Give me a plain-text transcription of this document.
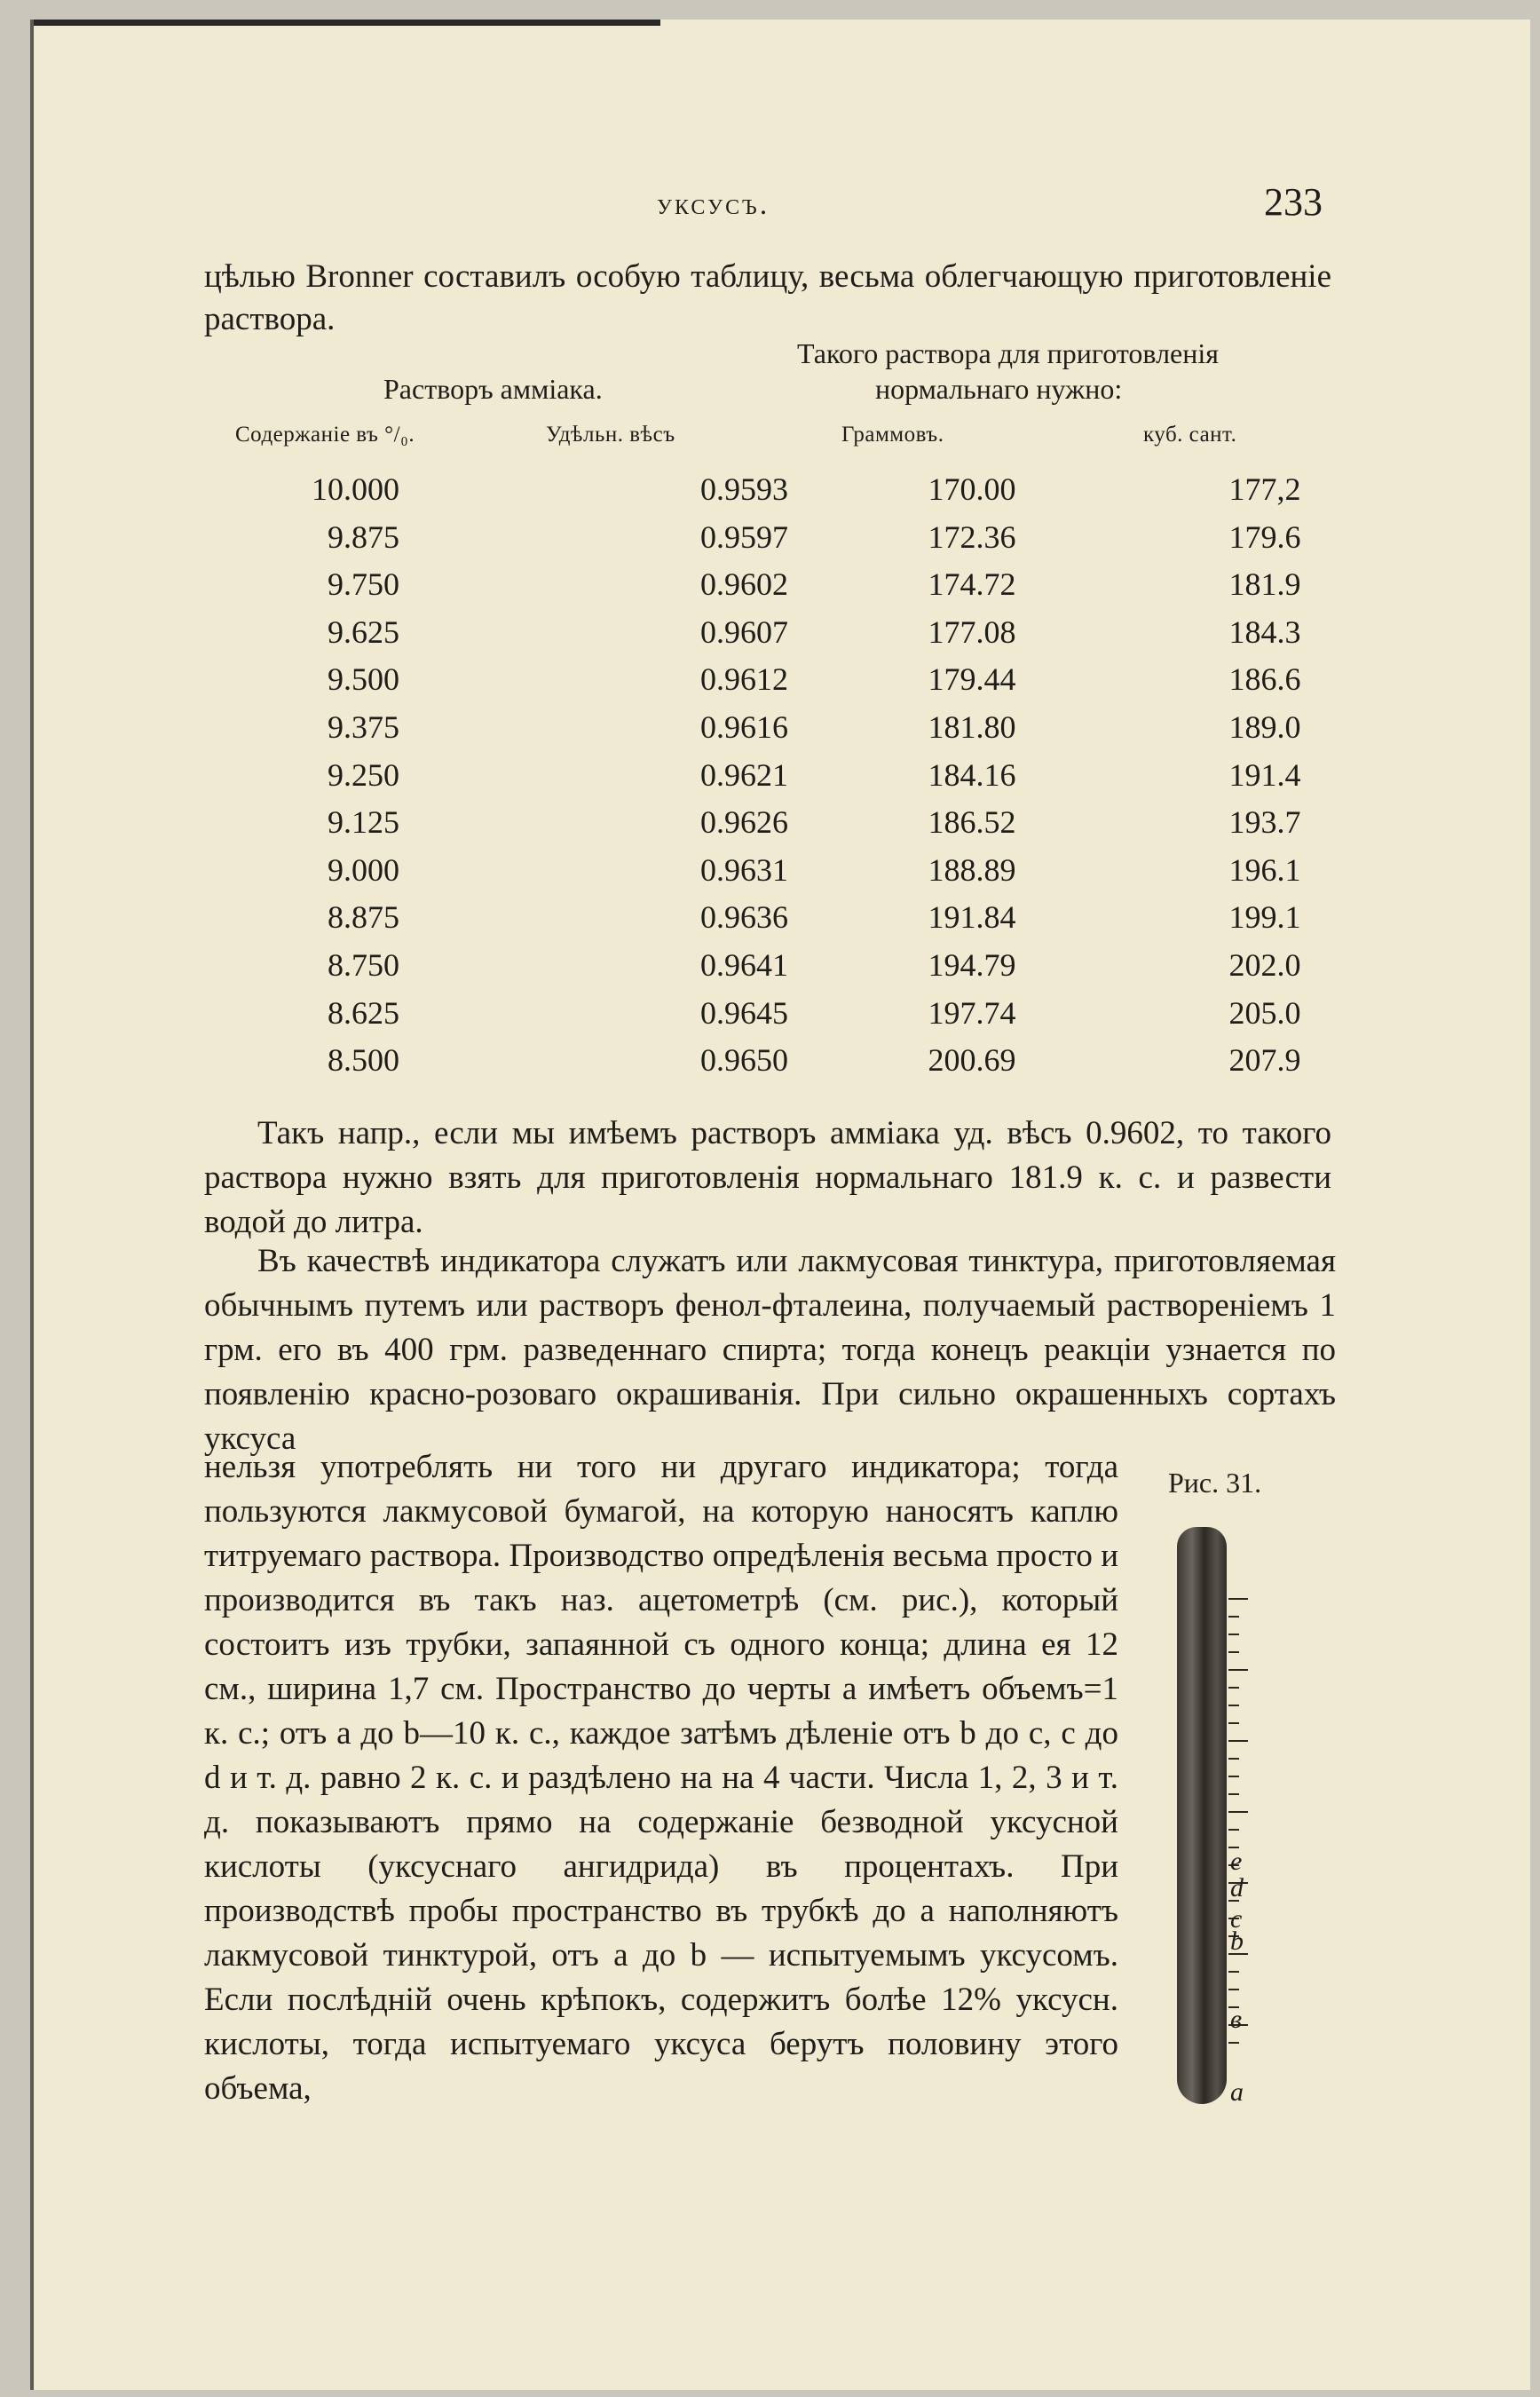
уксусъ.	233
цѣлью Bronner составилъ особую таблицу, весьма облегчающую приготовленіе раствора.
Растворъ амміака.
Такого раствора для приготовленія
нормальнаго нужно:
Содержаніе въ °/₀.	Удѣльн. вѣсъ	Граммовъ.	куб. сант.
10.000	0.9593	170.00	177,2
9.875	0.9597	172.36	179.6
9.750	0.9602	174.72	181.9
9.625	0.9607	177.08	184.3
9.500	0.9612	179.44	186.6
9.375	0.9616	181.80	189.0
9.250	0.9621	184.16	191.4
9.125	0.9626	186.52	193.7
9.000	0.9631	188.89	196.1
8.875	0.9636	191.84	199.1
8.750	0.9641	194.79	202.0
8.625	0.9645	197.74	205.0
8.500	0.9650	200.69	207.9
Такъ напр., если мы имѣемъ растворъ амміака уд. вѣсъ 0.9602, то такого раствора нужно взять для приготовленія нормальнаго 181.9 к. с. и развести водой до литра.
Въ качествѣ индикатора служатъ или лакмусовая тинктура, приготовляемая обычнымъ путемъ или растворъ фенол-фталеина, получаемый раствореніемъ 1 грм. его въ 400 грм. разведеннаго спирта; тогда конецъ реакціи узнается по появленію красно-розоваго окрашиванія. При сильно окрашенныхъ сортахъ уксуса
нельзя употреблять ни того ни другаго индикатора; тогда пользуются лакмусовой бумагой, на которую наносятъ каплю титруемаго раствора. Производство опредѣленія весьма просто и производится въ такъ наз. ацетометрѣ (см. рис.), который состоитъ изъ трубки, запаянной съ одного конца; длина ея 12 см., ширина 1,7 см. Пространство до черты a имѣетъ объемъ=1 к. с.; отъ a до b—10 к. с., каждое затѣмъ дѣленіе отъ b до c, c до d и т. д. равно 2 к. с. и раздѣлено на на 4 части. Числа 1, 2, 3 и т. д. показываютъ прямо на содержаніе безводной уксусной кислоты (уксуснаго ангидрида) въ процентахъ. При производствѣ пробы пространство въ трубкѣ до a наполняютъ лакмусовой тинктурой, отъ a до b — испытуемымъ уксусомъ. Если послѣдній очень крѣпокъ, содержитъ болѣе 12% уксусн. кислоты, тогда испытуемаго уксуса берутъ половину этого объема,
Рис. 31.
e
d
c
b
в
a
